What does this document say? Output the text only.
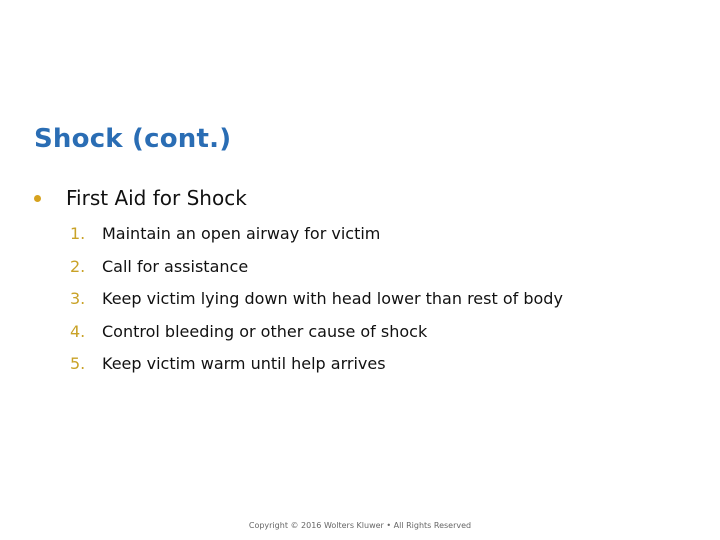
Shock (cont.)
First Aid for Shock
1. Maintain an open airway for victim
2. Call for assistance
3. Keep victim lying down with head lower than rest of body
4. Control bleeding or other cause of shock
5. Keep victim warm until help arrives
Copyright © 2016 Wolters Kluwer • All Rights Reserved
